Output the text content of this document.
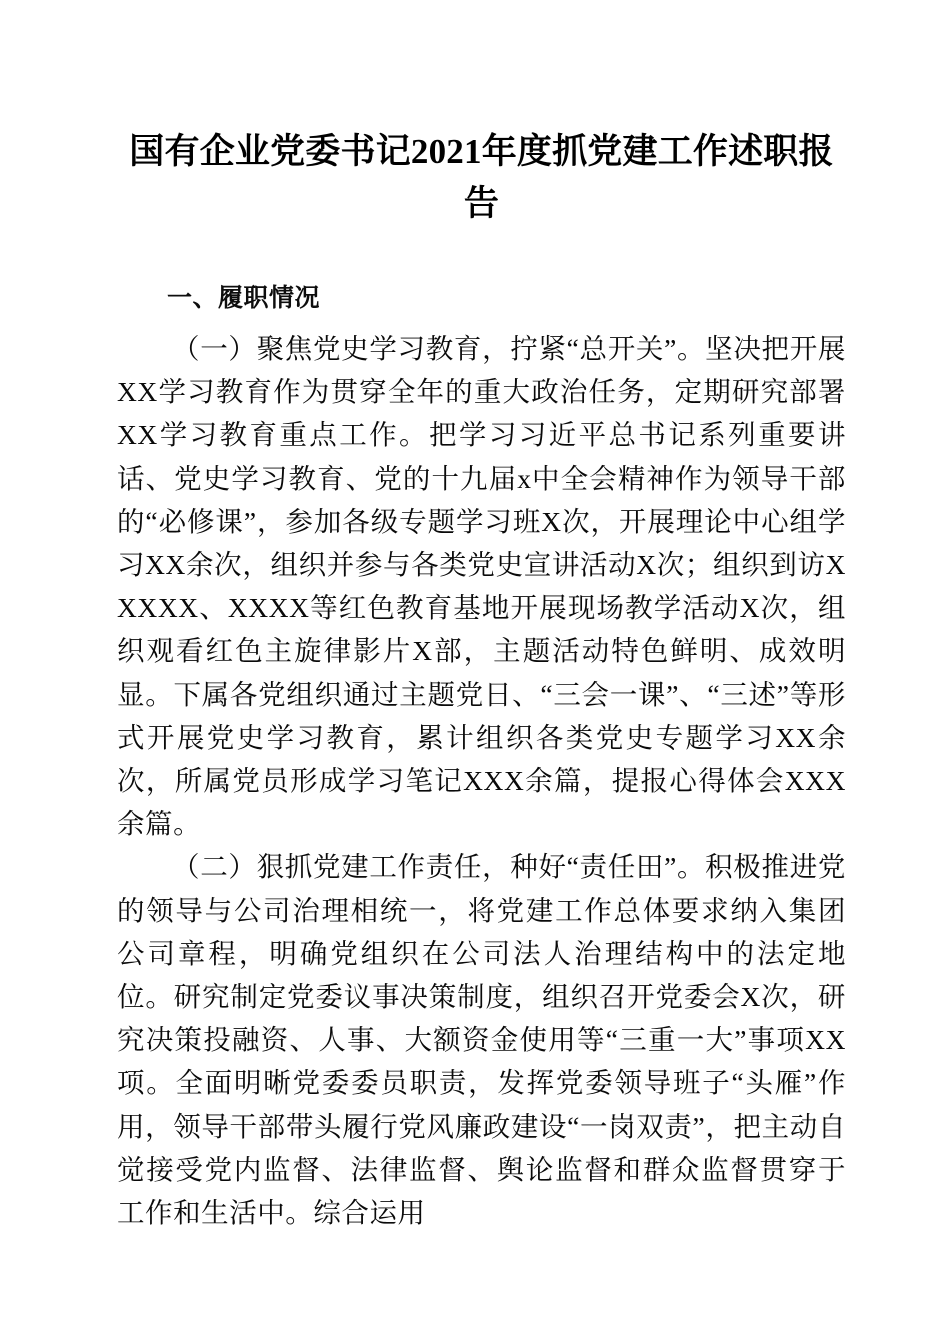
国有企业党委书记2021年度抓党建工作述职报告
一、履职情况

（一）聚焦党史学习教育，拧紧“总开关”。坚决把开展XX学习教育作为贯穿全年的重大政治任务，定期研究部署XX学习教育重点工作。把学习习近平总书记系列重要讲话、党史学习教育、党的十九届x中全会精神作为领导干部的“必修课”，参加各级专题学习班X次，开展理论中心组学习XX余次，组织并参与各类党史宣讲活动X次；组织到访XXXXX、XXXX等红色教育基地开展现场教学活动X次，组织观看红色主旋律影片X部，主题活动特色鲜明、成效明显。下属各党组织通过主题党日、“三会一课”、“三述”等形式开展党史学习教育，累计组织各类党史专题学习XX余次，所属党员形成学习笔记XXX余篇，提报心得体会XXX余篇。

（二）狠抓党建工作责任，种好“责任田”。积极推进党的领导与公司治理相统一，将党建工作总体要求纳入集团公司章程，明确党组织在公司法人治理结构中的法定地位。研究制定党委议事决策制度，组织召开党委会X次，研究决策投融资、人事、大额资金使用等“三重一大”事项XX项。全面明晰党委委员职责，发挥党委领导班子“头雁”作用，领导干部带头履行党风廉政建设“一岗双责”，把主动自觉接受党内监督、法律监督、舆论监督和群众监督贯穿于工作和生活中。综合运用
